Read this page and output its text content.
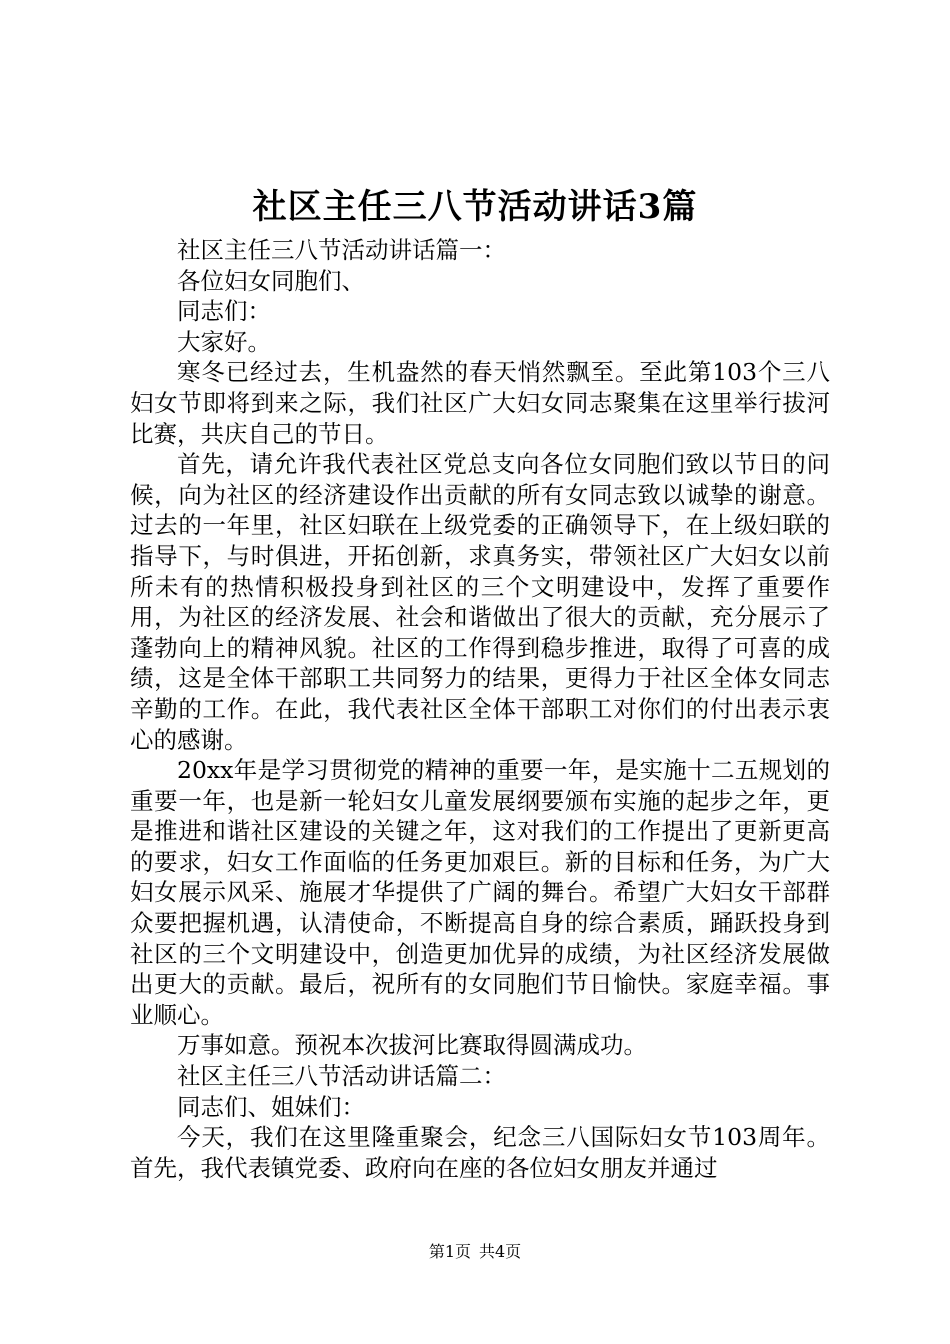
社区主任三八节活动讲话3篇

社区主任三八节活动讲话篇一：

各位妇女同胞们、

同志们：

大家好。

寒冬已经过去，生机盎然的春天悄然飘至。至此第103个三八妇女节即将到来之际，我们社区广大妇女同志聚集在这里举行拔河比赛，共庆自己的节日。

首先，请允许我代表社区党总支向各位女同胞们致以节日的问候，向为社区的经济建设作出贡献的所有女同志致以诚挚的谢意。过去的一年里，社区妇联在上级党委的正确领导下，在上级妇联的指导下，与时俱进，开拓创新，求真务实，带领社区广大妇女以前所未有的热情积极投身到社区的三个文明建设中，发挥了重要作用，为社区的经济发展、社会和谐做出了很大的贡献，充分展示了蓬勃向上的精神风貌。社区的工作得到稳步推进，取得了可喜的成绩，这是全体干部职工共同努力的结果，更得力于社区全体女同志辛勤的工作。在此，我代表社区全体干部职工对你们的付出表示衷心的感谢。

20xx年是学习贯彻党的精神的重要一年，是实施十二五规划的重要一年，也是新一轮妇女儿童发展纲要颁布实施的起步之年，更是推进和谐社区建设的关键之年，这对我们的工作提出了更新更高的要求，妇女工作面临的任务更加艰巨。新的目标和任务，为广大妇女展示风采、施展才华提供了广阔的舞台。希望广大妇女干部群众要把握机遇，认清使命，不断提高自身的综合素质，踊跃投身到社区的三个文明建设中，创造更加优异的成绩，为社区经济发展做出更大的贡献。最后，祝所有的女同胞们节日愉快。家庭幸福。事业顺心。

万事如意。预祝本次拔河比赛取得圆满成功。

社区主任三八节活动讲话篇二：

同志们、姐妹们：

今天，我们在这里隆重聚会，纪念三八国际妇女节103周年。首先，我代表镇党委、政府向在座的各位妇女朋友并通过

第1页 共4页
